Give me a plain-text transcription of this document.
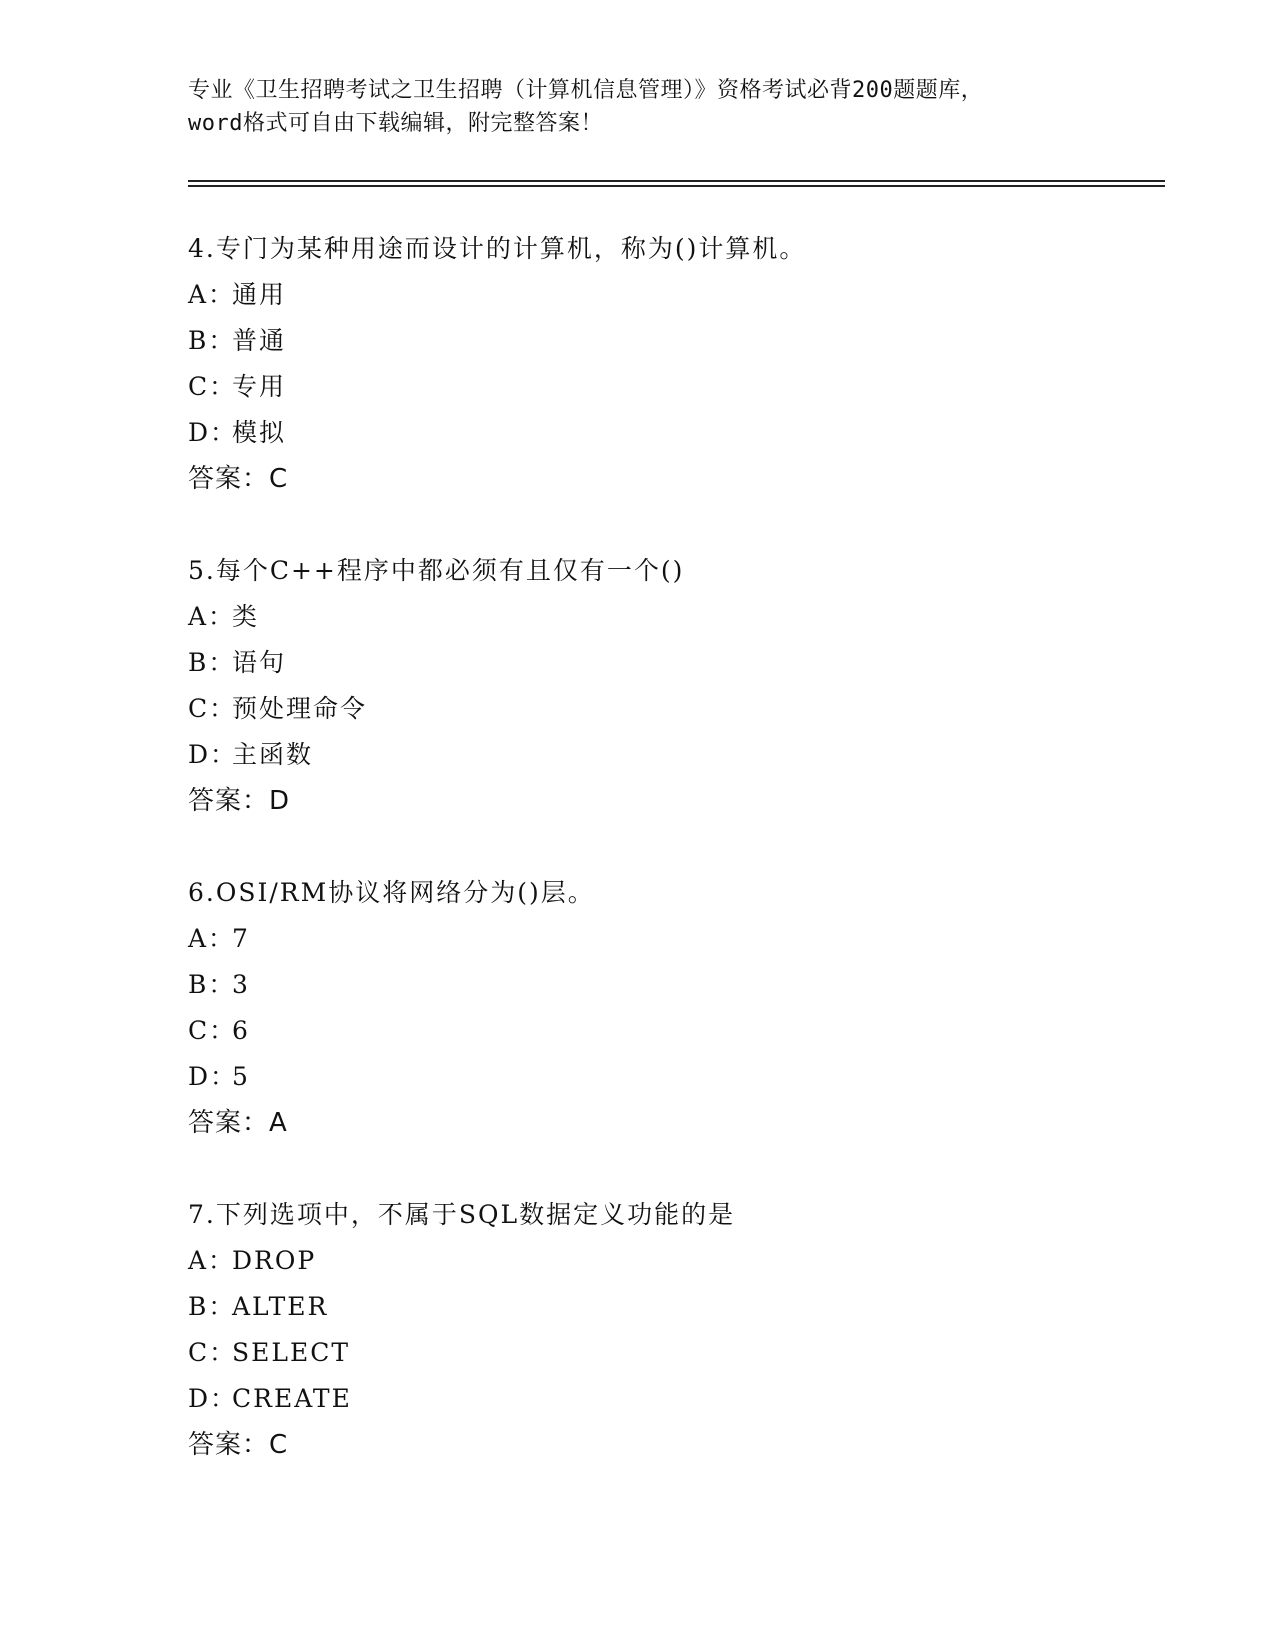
专业《卫生招聘考试之卫生招聘（计算机信息管理）》资格考试必背200题题库，
word格式可自由下载编辑，附完整答案！
4.专门为某种用途而设计的计算机，称为()计算机。
A：通用
B：普通
C：专用
D：模拟
答案：C
5.每个C++程序中都必须有且仅有一个()
A：类
B：语句
C：预处理命令
D：主函数
答案：D
6.OSI/RM协议将网络分为()层。
A：7
B：3
C：6
D：5
答案：A
7.下列选项中，不属于SQL数据定义功能的是
A：DROP
B：ALTER
C：SELECT
D：CREATE
答案：C
